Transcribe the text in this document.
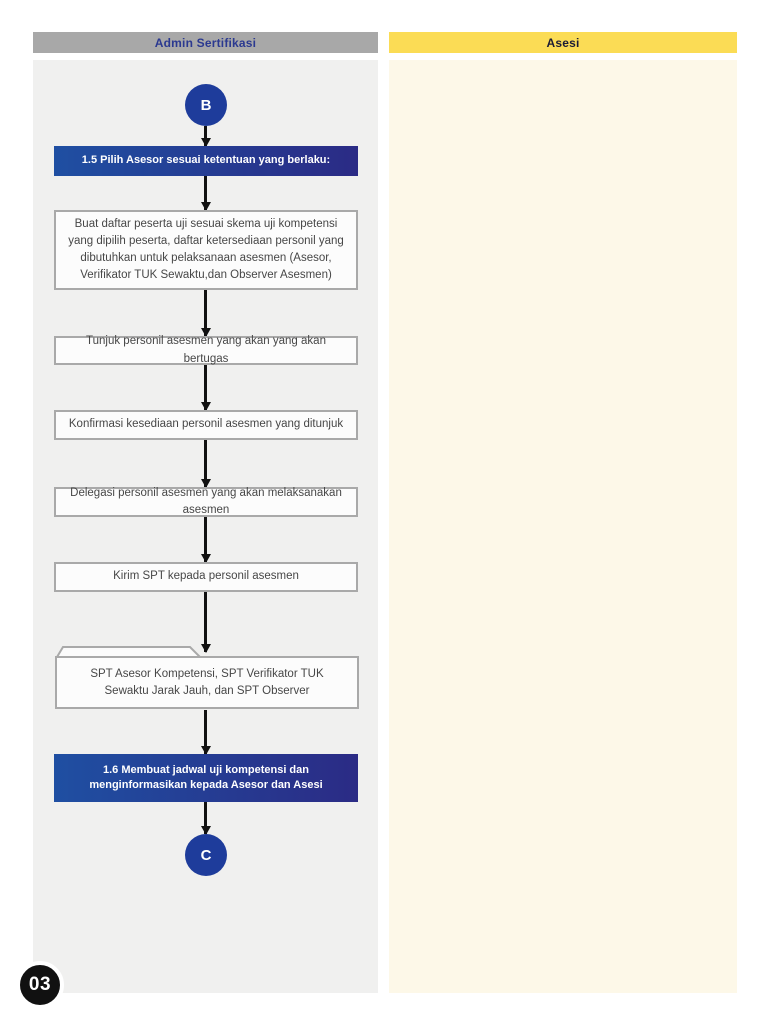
Admin Sertifikasi	Asesi
B
1.5 Pilih Asesor sesuai ketentuan yang berlaku:
Buat daftar peserta uji sesuai skema uji kompetensi yang dipilih peserta, daftar ketersediaan personil yang dibutuhkan untuk pelaksanaan asesmen (Asesor, Verifikator TUK Sewaktu,dan Observer Asesmen)
Tunjuk personil asesmen yang akan yang akan bertugas
Konfirmasi kesediaan personil asesmen yang ditunjuk
Delegasi personil asesmen yang akan melaksanakan asesmen
Kirim SPT kepada personil asesmen
SPT Asesor Kompetensi, SPT Verifikator TUK Sewaktu Jarak Jauh, dan SPT Observer
1.6 Membuat jadwal uji kompetensi dan menginformasikan kepada Asesor dan Asesi
C
03
